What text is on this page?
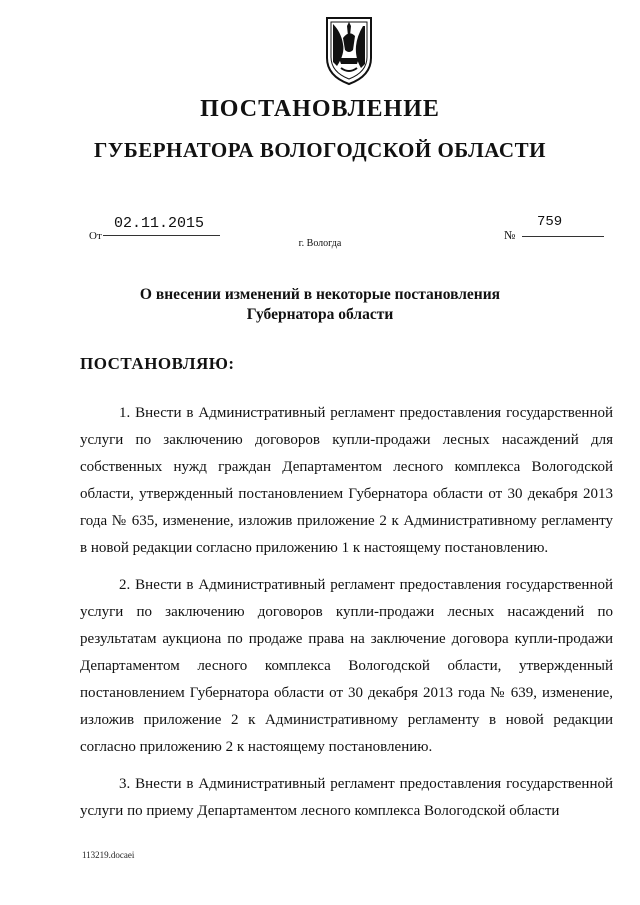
ПОСТАНОВЛЕНИЕ
ГУБЕРНАТОРА ВОЛОГОДСКОЙ ОБЛАСТИ
От
02.11.2015
№
759
г. Вологда
О внесении изменений в некоторые постановления
Губернатора области
ПОСТАНОВЛЯЮ:

1. Внести в Административный регламент предоставления государственной услуги по заключению договоров купли-продажи лесных насаждений для собственных нужд граждан Департаментом лесного комплекса Вологодской области, утвержденный постановлением Губернатора области от 30 декабря 2013 года № 635, изменение, изложив приложение 2 к Административному регламенту в новой редакции согласно приложению 1 к настоящему постановлению.

2. Внести в Административный регламент предоставления государственной услуги по заключению договоров купли-продажи лесных насаждений по результатам аукциона по продаже права на заключение договора купли-продажи Департаментом лесного комплекса Вологодской области, утвержденный постановлением Губернатора области от 30 декабря 2013 года № 639, изменение, изложив приложение 2 к Административному регламенту в новой редакции согласно приложению 2 к настоящему постановлению.

3. Внести в Административный регламент предоставления государственной услуги по приему Департаментом лесного комплекса Вологодской области

113219.docaei
